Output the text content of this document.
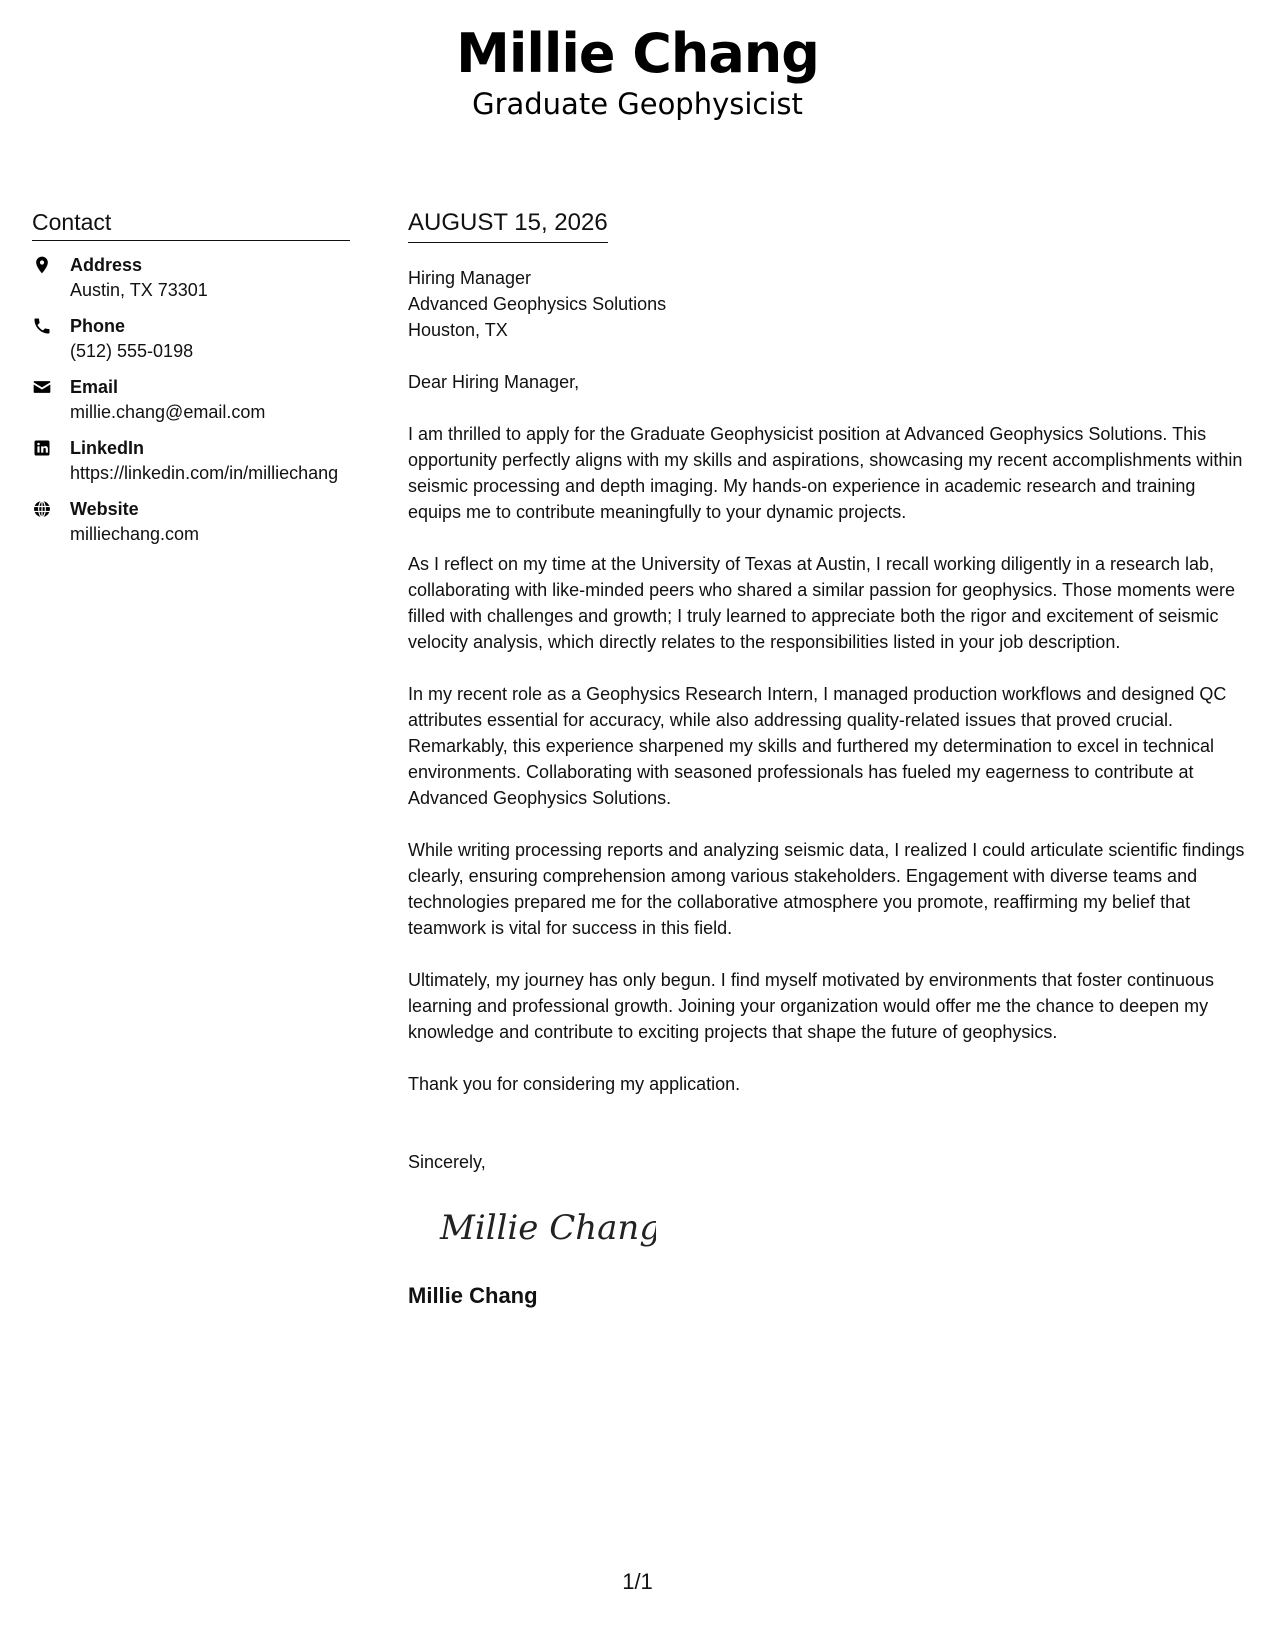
Millie Chang
Graduate Geophysicist
Contact
Address
Austin, TX 73301
Phone
(512) 555-0198
Email
millie.chang@email.com
LinkedIn
https://linkedin.com/in/milliechang
Website
milliechang.com
AUGUST 15, 2026
Hiring Manager
Advanced Geophysics Solutions
Houston, TX
Dear Hiring Manager,
I am thrilled to apply for the Graduate Geophysicist position at Advanced Geophysics Solutions. This opportunity perfectly aligns with my skills and aspirations, showcasing my recent accomplishments within seismic processing and depth imaging. My hands-on experience in academic research and training equips me to contribute meaningfully to your dynamic projects.
As I reflect on my time at the University of Texas at Austin, I recall working diligently in a research lab, collaborating with like-minded peers who shared a similar passion for geophysics. Those moments were filled with challenges and growth; I truly learned to appreciate both the rigor and excitement of seismic velocity analysis, which directly relates to the responsibilities listed in your job description.
In my recent role as a Geophysics Research Intern, I managed production workflows and designed QC attributes essential for accuracy, while also addressing quality-related issues that proved crucial. Remarkably, this experience sharpened my skills and furthered my determination to excel in technical environments. Collaborating with seasoned professionals has fueled my eagerness to contribute at Advanced Geophysics Solutions.
While writing processing reports and analyzing seismic data, I realized I could articulate scientific findings clearly, ensuring comprehension among various stakeholders. Engagement with diverse teams and technologies prepared me for the collaborative atmosphere you promote, reaffirming my belief that teamwork is vital for success in this field.
Ultimately, my journey has only begun. I find myself motivated by environments that foster continuous learning and professional growth. Joining your organization would offer me the chance to deepen my knowledge and contribute to exciting projects that shape the future of geophysics.
Thank you for considering my application.
Sincerely,
Millie Chang
Millie Chang
1/1
